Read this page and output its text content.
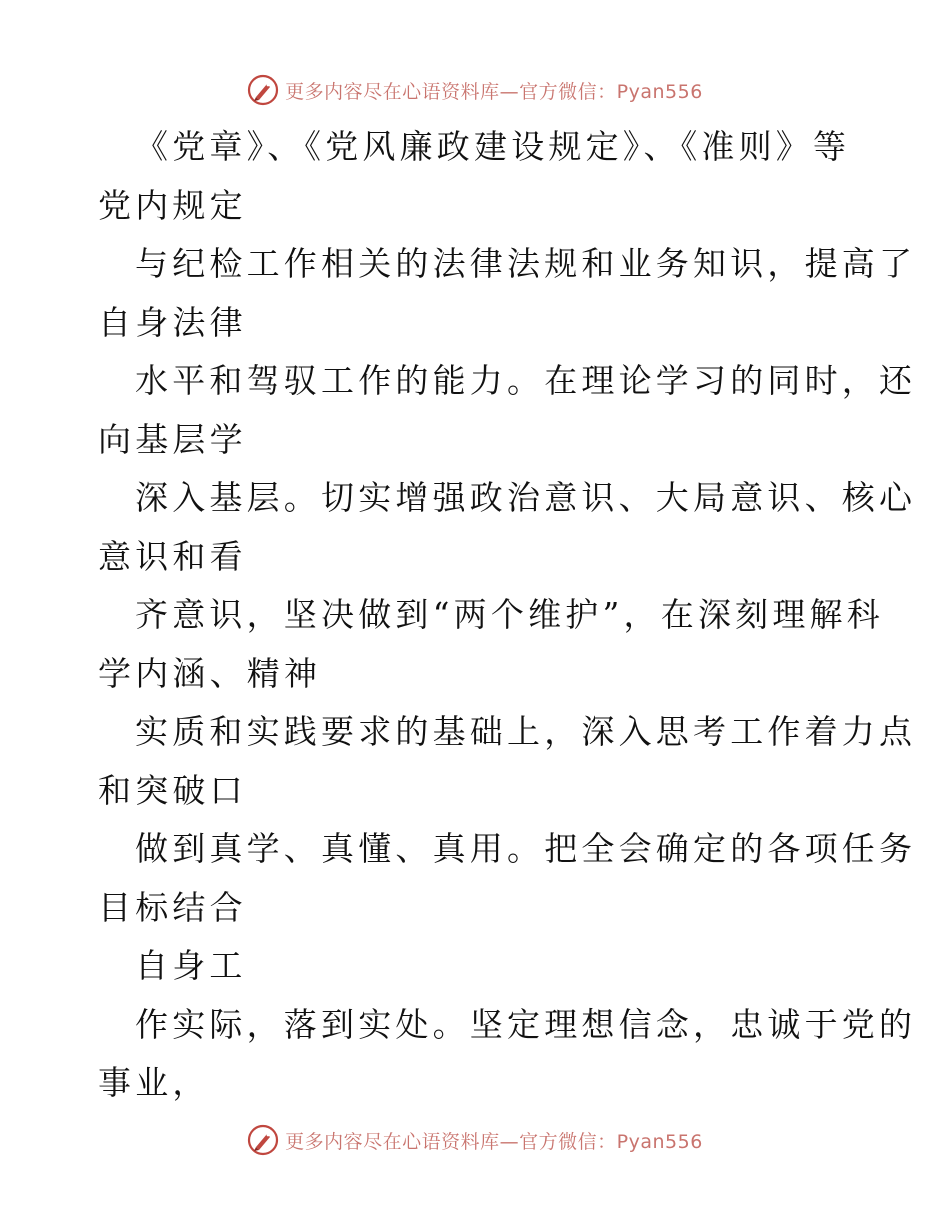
更多内容尽在心语资料库—官方微信：Pyan556

《党章》、《党风廉政建设规定》、《准则》等
党内规定

与纪检工作相关的法律法规和业务知识，提高了
自身法律

水平和驾驭工作的能力。在理论学习的同时，还
向基层学

深入基层。切实增强政治意识、大局意识、核心
意识和看

齐意识，坚决做到“两个维护”，在深刻理解科
学内涵、精神

实质和实践要求的基础上，深入思考工作着力点
和突破口

做到真学、真懂、真用。把全会确定的各项任务
目标结合

自身工

作实际，落到实处。坚定理想信念，忠诚于党的
事业，

更多内容尽在心语资料库—官方微信：Pyan556
